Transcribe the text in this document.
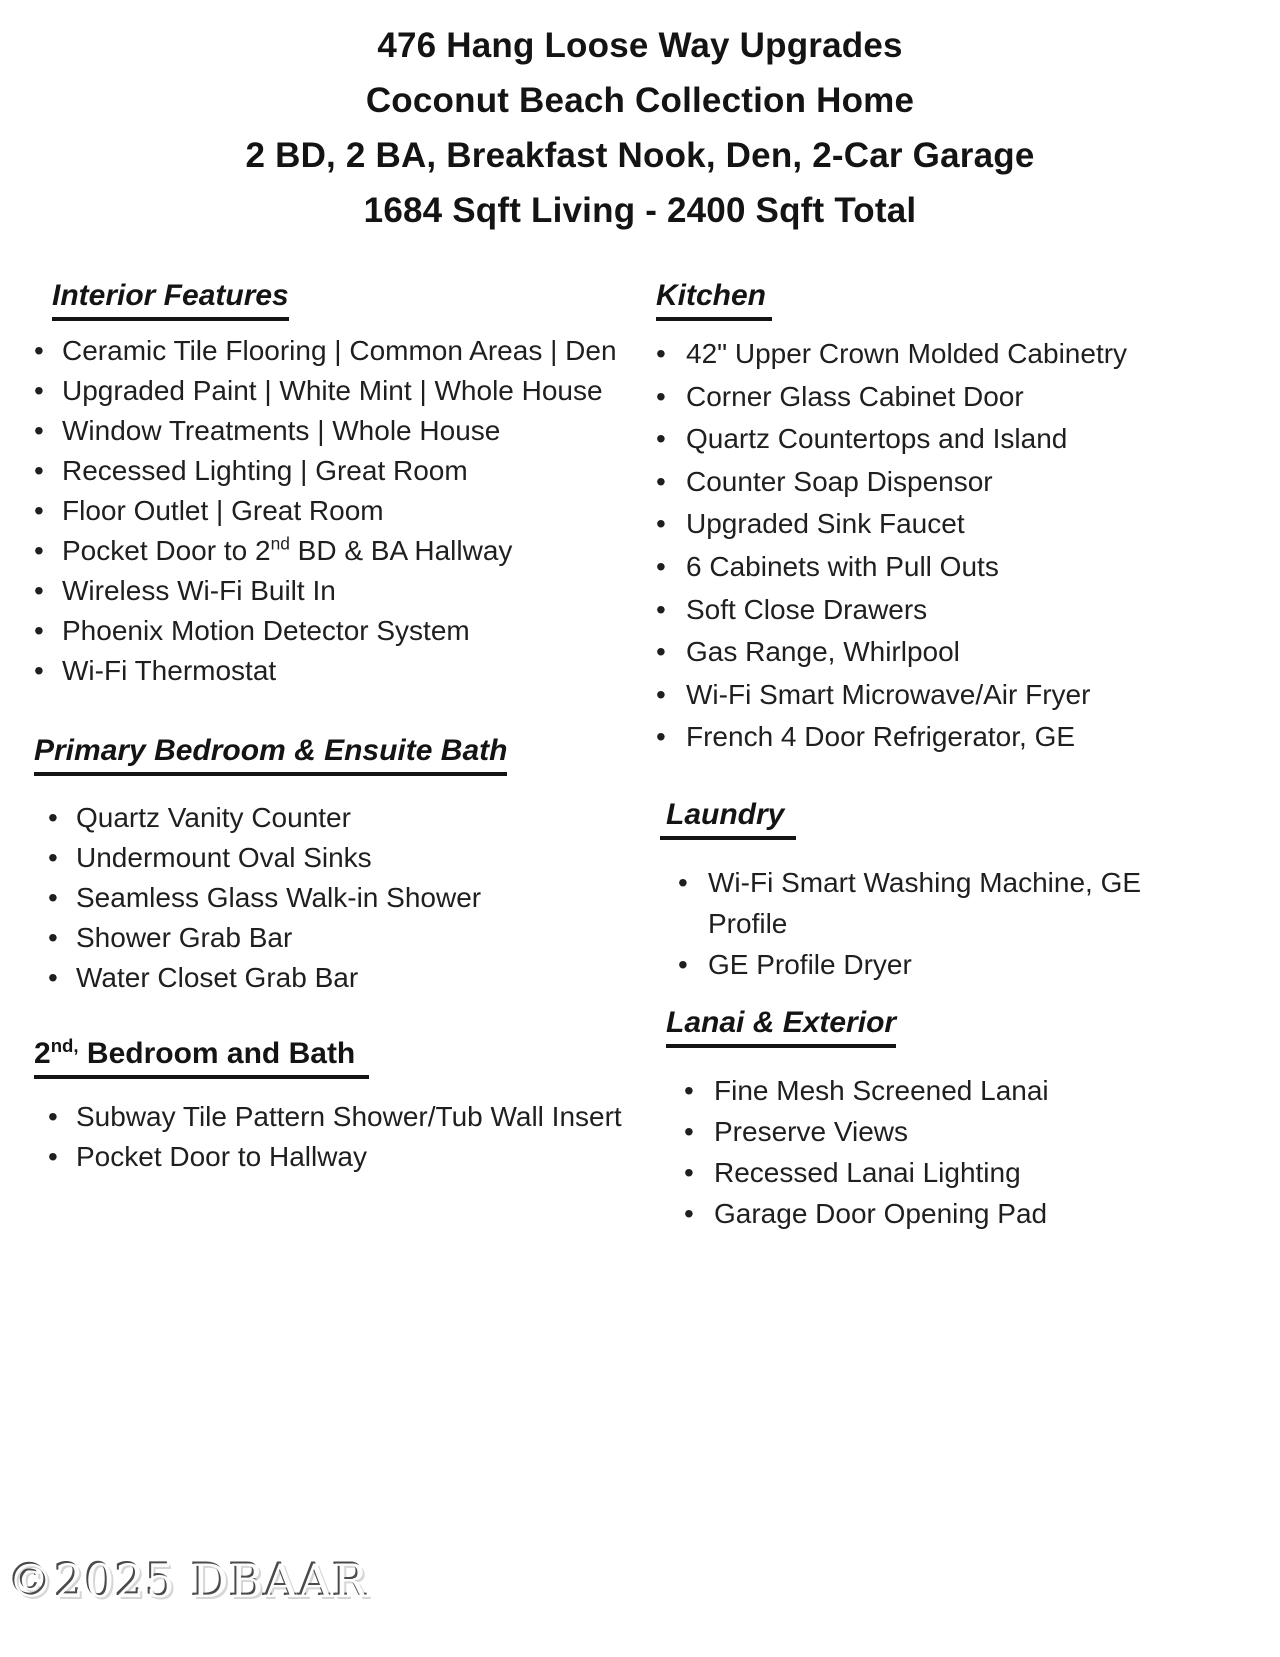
476 Hang Loose Way Upgrades
Coconut Beach Collection Home
2 BD, 2 BA, Breakfast Nook, Den, 2-Car Garage
1684 Sqft Living - 2400 Sqft Total
Interior Features
• Ceramic Tile Flooring | Common Areas | Den
• Upgraded Paint | White Mint | Whole House
• Window Treatments | Whole House
• Recessed Lighting | Great Room
• Floor Outlet | Great Room
• Pocket Door to 2nd BD & BA Hallway
• Wireless Wi-Fi Built In
• Phoenix Motion Detector System
• Wi-Fi Thermostat
Primary Bedroom & Ensuite Bath
• Quartz Vanity Counter
• Undermount Oval Sinks
• Seamless Glass Walk-in Shower
• Shower Grab Bar
• Water Closet Grab Bar
$2^{nd,}$ Bedroom and Bath
• Subway Tile Pattern Shower/Tub Wall Insert
• Pocket Door to Hallway
Kitchen
• 42" Upper Crown Molded Cabinetry
• Corner Glass Cabinet Door
• Quartz Countertops and Island
• Counter Soap Dispensor
• Upgraded Sink Faucet
• 6 Cabinets with Pull Outs
• Soft Close Drawers
• Gas Range, Whirlpool
• Wi-Fi Smart Microwave/Air Fryer
• French 4 Door Refrigerator, GE
Laundry
• Wi-Fi Smart Washing Machine, GE Profile
• GE Profile Dryer
Lanai & Exterior
• Fine Mesh Screened Lanai
• Preserve Views
• Recessed Lanai Lighting
• Garage Door Opening Pad
©2025 DBAAR
